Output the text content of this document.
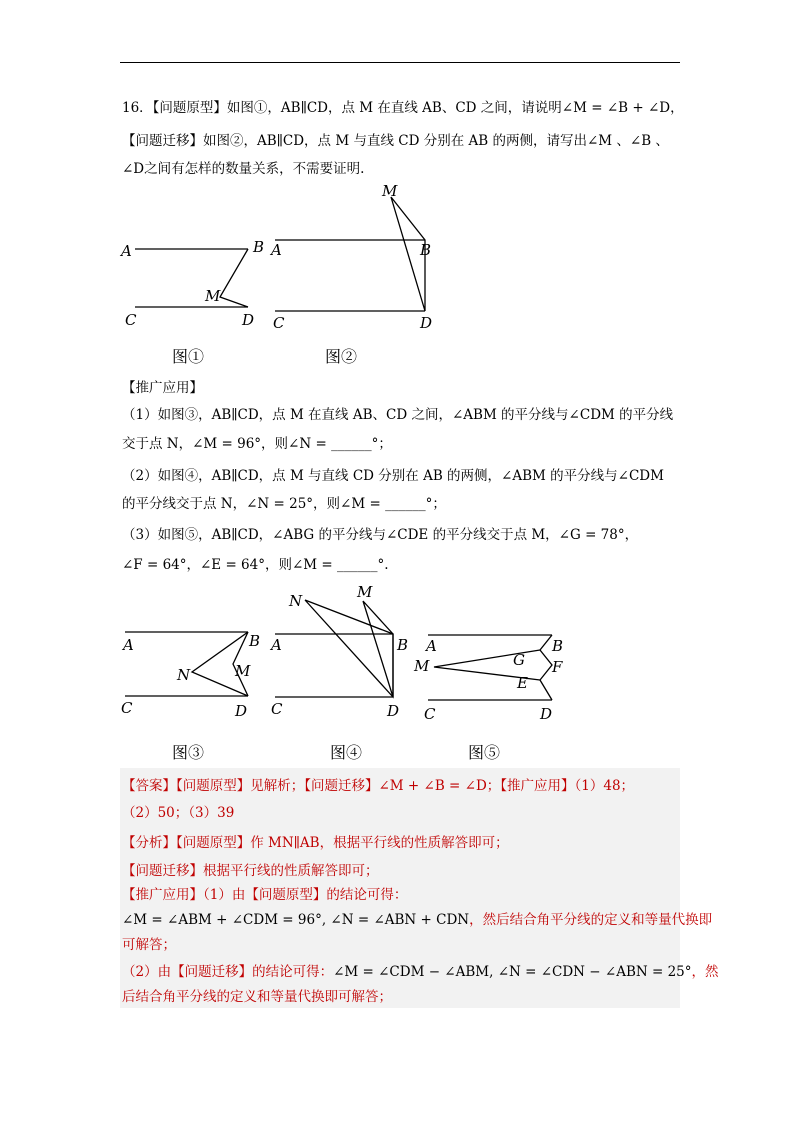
16．【问题原型】如图①，AB∥CD，点 M 在直线 AB、CD 之间，请说明∠M = ∠B + ∠D，
【问题迁移】如图②，AB∥CD，点 M 与直线 CD 分别在 AB 的两侧，请写出∠M 、∠B 、
∠D之间有怎样的数量关系，不需要证明.
A	B
M
C	D
图①
M
A	B
C	D
图②
【推广应用】
（1）如图③，AB∥CD，点 M 在直线 AB、CD 之间，∠ABM 的平分线与∠CDM 的平分线
交于点 N，∠M = 96°，则∠N = ______°；
（2）如图④，AB∥CD，点 M 与直线 CD 分别在 AB 的两侧，∠ABM 的平分线与∠CDM
的平分线交于点 N，∠N = 25°，则∠M = ______°；
（3）如图⑤，AB∥CD，∠ABG 的平分线与∠CDE 的平分线交于点 M，∠G = 78°，
∠F = 64°，∠E = 64°，则∠M = ______°.
A	B
N	M
C	D
图③
N	M
A	B
C	D
图④
A	B
M	G F
E
C	D
图⑤
【答案】【问题原型】见解析；【问题迁移】∠M + ∠B = ∠D；【推广应用】（1）48；
（2）50；（3）39
【分析】【问题原型】作 MN∥AB，根据平行线的性质解答即可；
【问题迁移】根据平行线的性质解答即可；
【推广应用】（1）由【问题原型】的结论可得：
∠M = ∠ABM + ∠CDM = 96°, ∠N = ∠ABN + CDN，然后结合角平分线的定义和等量代换即
可解答；
（2）由【问题迁移】的结论可得：∠M = ∠CDM − ∠ABM, ∠N = ∠CDN − ∠ABN = 25°，然
后结合角平分线的定义和等量代换即可解答；
